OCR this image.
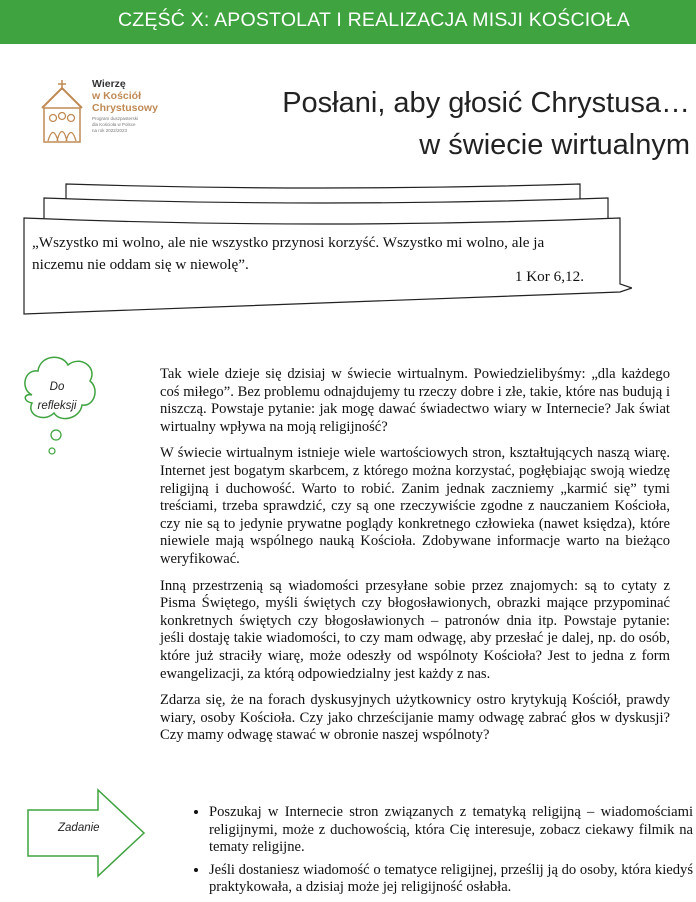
CZĘŚĆ X: APOSTOLAT I REALIZACJA MISJI KOŚCIOŁA
Wierzę
w Kościół
Chrystusowy
Program duszpasterski
dla Kościoła w Polsce
na rok 2022/2023
Posłani, aby głosić Chrystusa…
w świecie wirtualnym
„Wszystko mi wolno, ale nie wszystko przynosi korzyść. Wszystko mi wolno, ale ja niczemu nie oddam się w niewolę”.
1 Kor 6,12.
Do
refleksji

Tak wiele dzieje się dzisiaj w świecie wirtualnym. Powiedzielibyśmy: „dla każdego coś miłego”. Bez problemu odnajdujemy tu rzeczy dobre i złe, takie, które nas budują i niszczą. Powstaje pytanie: jak mogę dawać świadectwo wiary w Internecie? Jak świat wirtualny wpływa na moją religijność?

W świecie wirtualnym istnieje wiele wartościowych stron, kształtujących naszą wiarę. Internet jest bogatym skarbcem, z którego można korzystać, pogłębiając swoją wiedzę religijną i duchowość. Warto to robić. Zanim jednak zaczniemy „karmić się” tymi treściami, trzeba sprawdzić, czy są one rzeczywiście zgodne z nauczaniem Kościoła, czy nie są to jedynie prywatne poglądy konkretnego człowieka (nawet księdza), które niewiele mają wspólnego nauką Kościoła. Zdobywane informacje warto na bieżąco weryfikować.

Inną przestrzenią są wiadomości przesyłane sobie przez znajomych: są to cytaty z Pisma Świętego, myśli świętych czy błogosławionych, obrazki mające przypominać konkretnych świętych czy błogosławionych – patronów dnia itp. Powstaje pytanie: jeśli dostaję takie wiadomości, to czy mam odwagę, aby przesłać je dalej, np. do osób, które już straciły wiarę, może odeszły od wspólnoty Kościoła? Jest to jedna z form ewangelizacji, za którą odpowiedzialny jest każdy z nas.

Zdarza się, że na forach dyskusyjnych użytkownicy ostro krytykują Kościół, prawdy wiary, osoby Kościoła. Czy jako chrześcijanie mamy odwagę zabrać głos w dyskusji? Czy mamy odwagę stawać w obronie naszej wspólnoty?

Zadanie
• Poszukaj w Internecie stron związanych z tematyką religijną – wiadomościami religijnymi, może z duchowością, która Cię interesuje, zobacz ciekawy filmik na tematy religijne.
• Jeśli dostaniesz wiadomość o tematyce religijnej, prześlij ją do osoby, która kiedyś praktykowała, a dzisiaj może jej religijność osłabła.
